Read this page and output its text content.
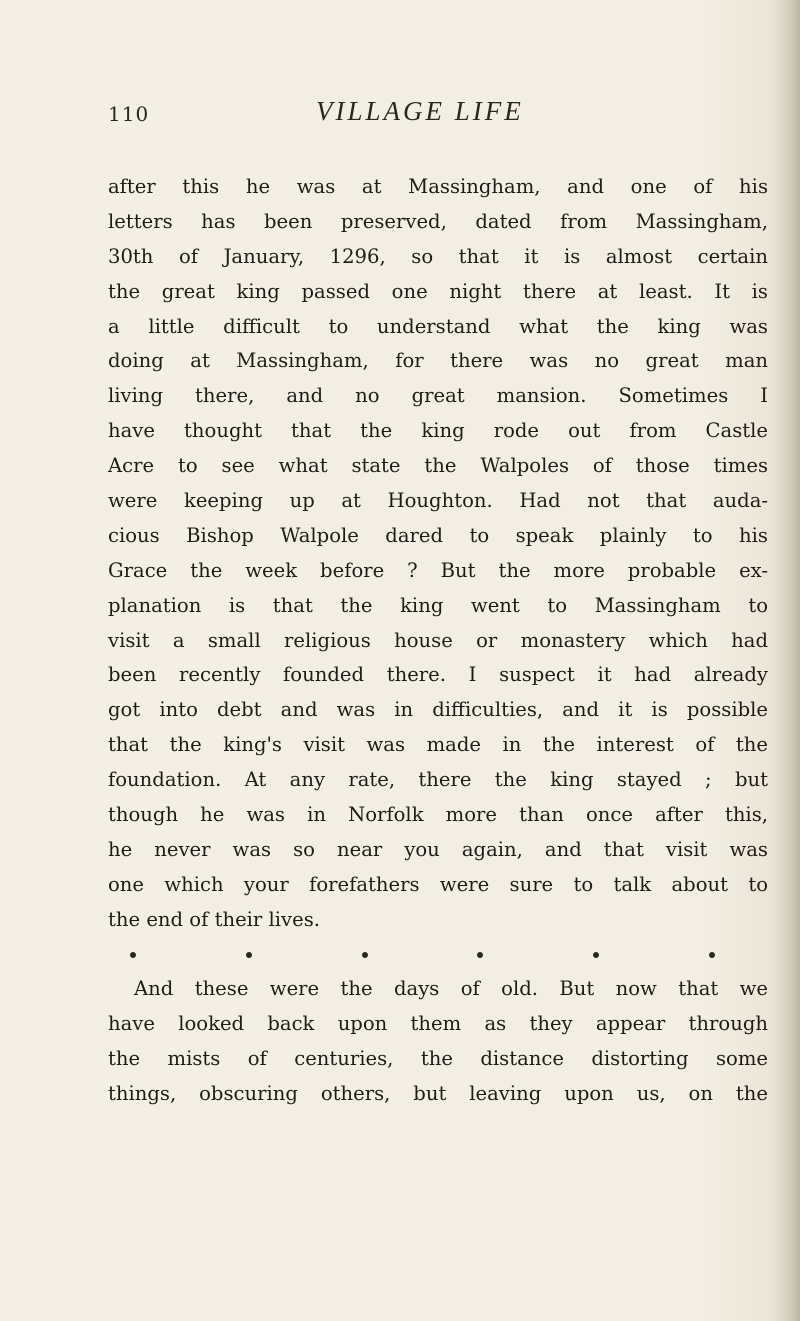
110	VILLAGE LIFE
after this he was at Massingham, and one of his
letters has been preserved, dated from Massingham,
30th of January, 1296, so that it is almost certain
the great king passed one night there at least. It is
a little difficult to understand what the king was
doing at Massingham, for there was no great man
living there, and no great mansion. Sometimes I
have thought that the king rode out from Castle
Acre to see what state the Walpoles of those times
were keeping up at Houghton. Had not that auda-
cious Bishop Walpole dared to speak plainly to his
Grace the week before ? But the more probable ex-
planation is that the king went to Massingham to
visit a small religious house or monastery which had
been recently founded there. I suspect it had already
got into debt and was in difficulties, and it is possible
that the king's visit was made in the interest of the
foundation. At any rate, there the king stayed ; but
though he was in Norfolk more than once after this,
he never was so near you again, and that visit was
one which your forefathers were sure to talk about to
the end of their lives.
And these were the days of old. But now that we
have looked back upon them as they appear through
the mists of centuries, the distance distorting some
things, obscuring others, but leaving upon us, on the
